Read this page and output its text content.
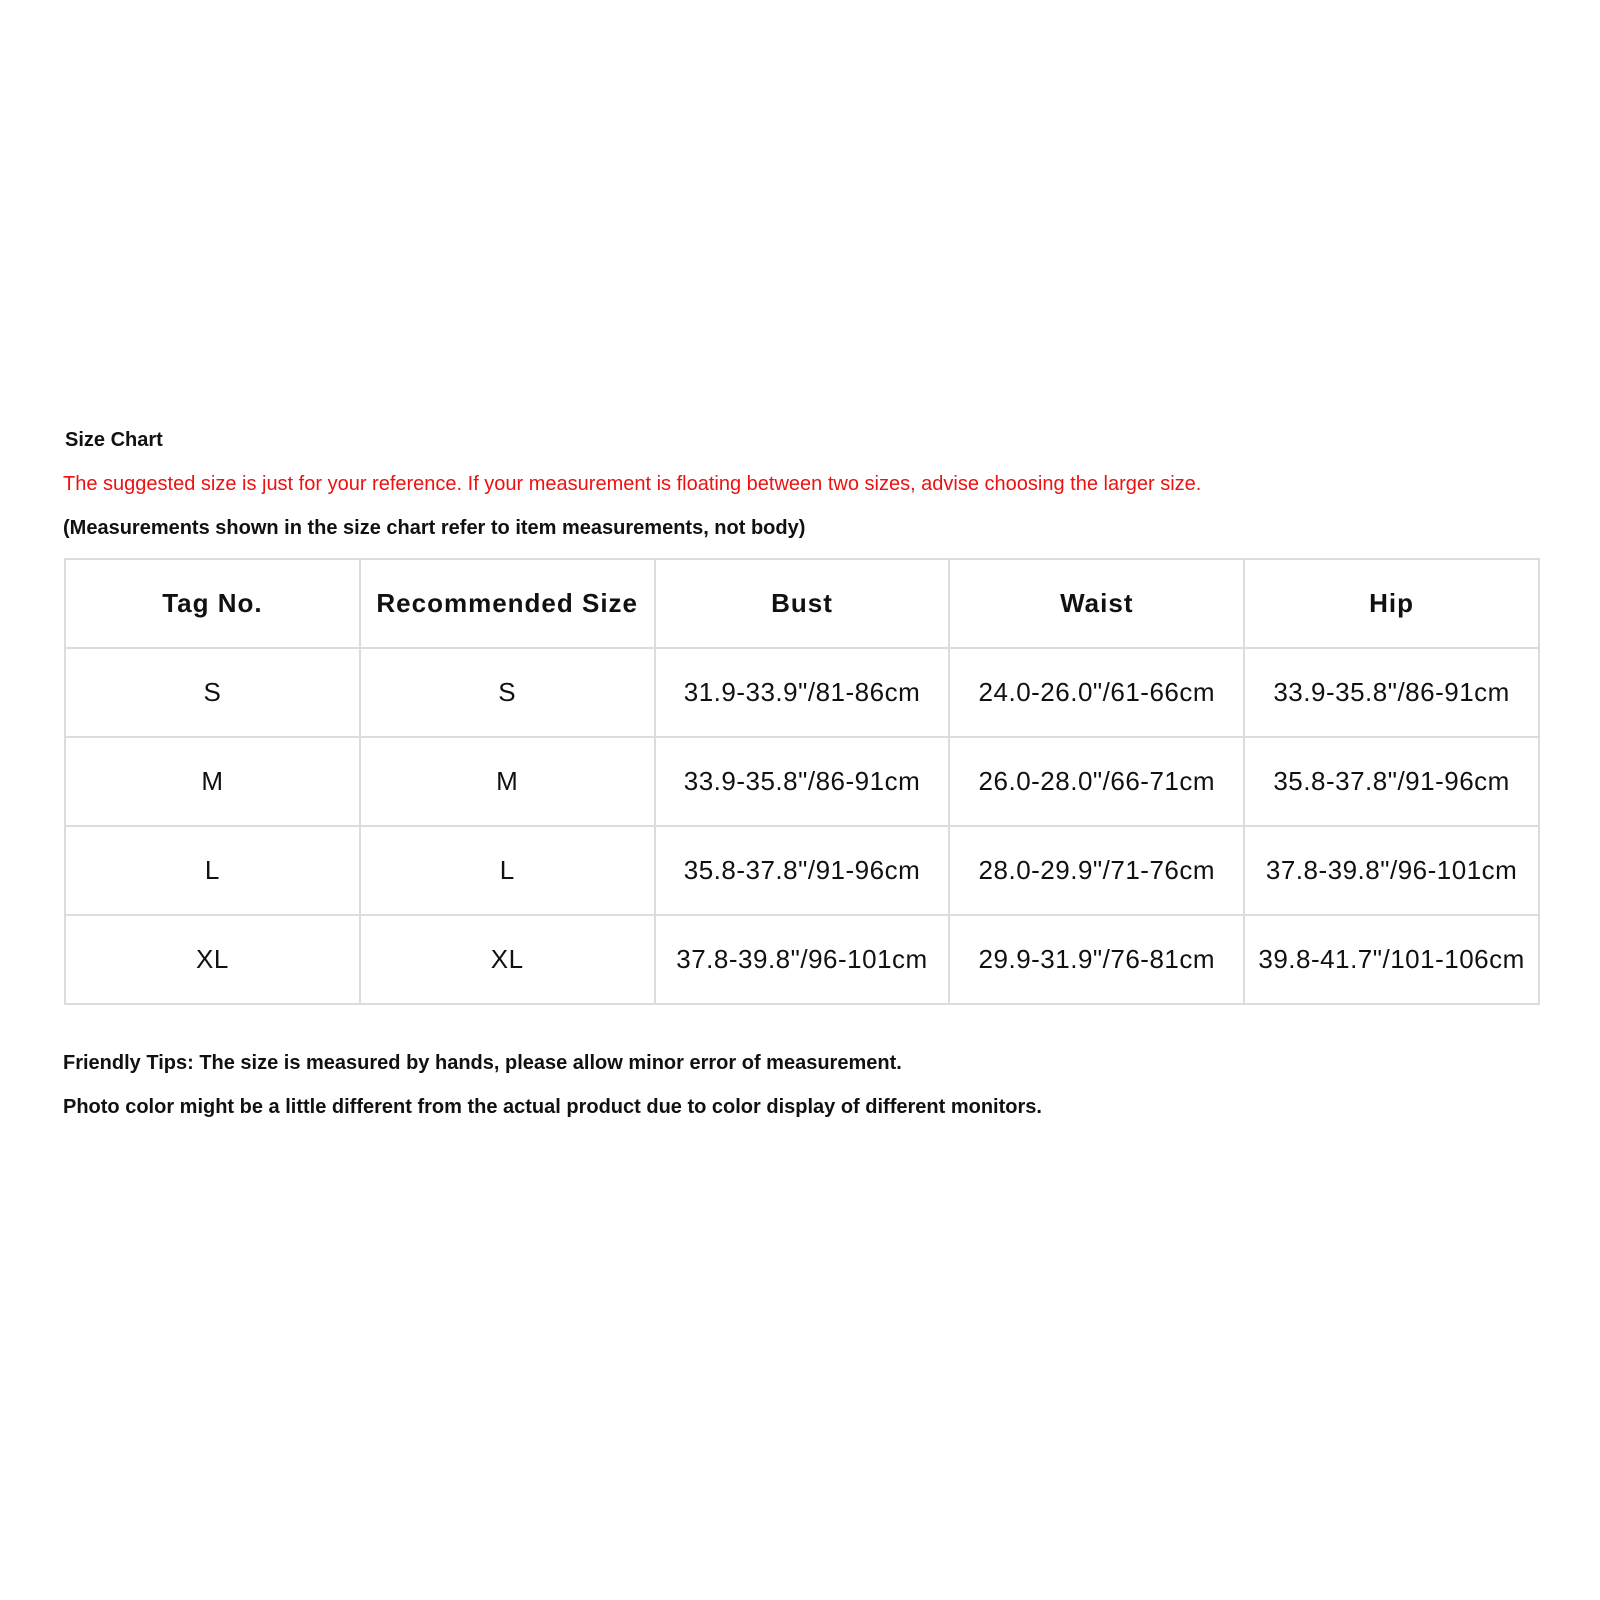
Size Chart
The suggested size is just for your reference. If your measurement is floating between two sizes, advise choosing the larger size.
(Measurements shown in the size chart refer to item measurements, not body)
Tag No.	Recommended Size	Bust	Waist	Hip
S	S	31.9-33.9"/81-86cm	24.0-26.0"/61-66cm	33.9-35.8"/86-91cm
M	M	33.9-35.8"/86-91cm	26.0-28.0"/66-71cm	35.8-37.8"/91-96cm
L	L	35.8-37.8"/91-96cm	28.0-29.9"/71-76cm	37.8-39.8"/96-101cm
XL	XL	37.8-39.8"/96-101cm	29.9-31.9"/76-81cm	39.8-41.7"/101-106cm
Friendly Tips: The size is measured by hands, please allow minor error of measurement.
Photo color might be a little different from the actual product due to color display of different monitors.
